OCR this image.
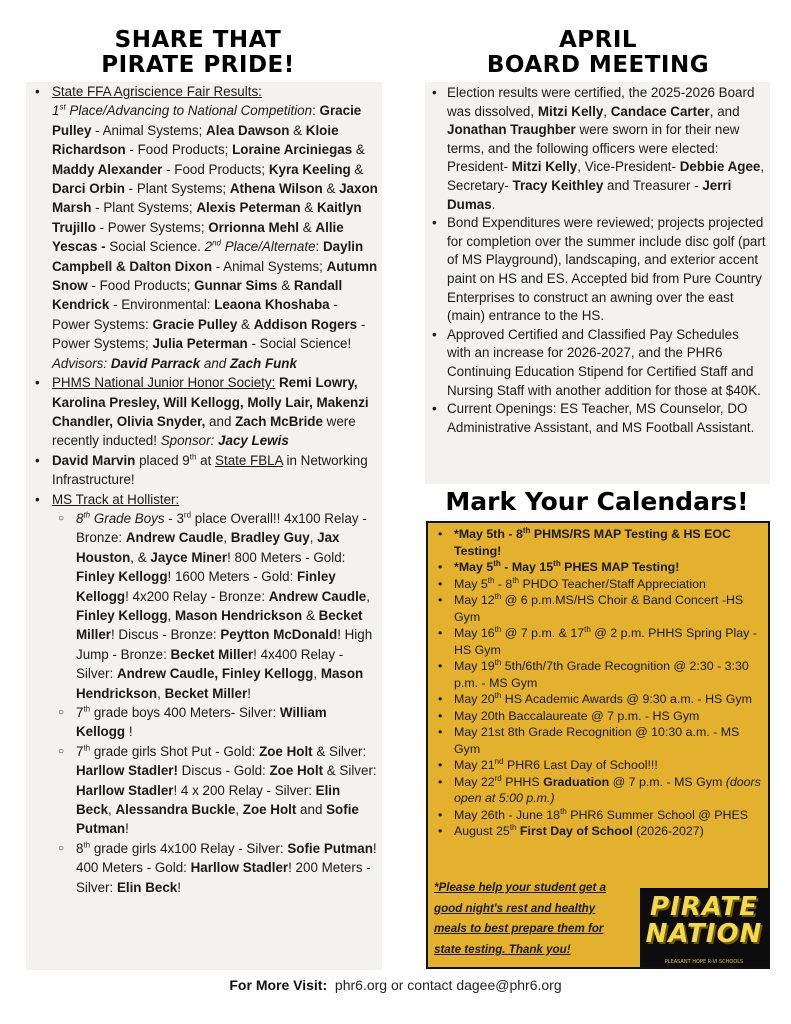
SHARE THAT
PIRATE PRIDE!
APRIL
BOARD MEETING
• State FFA Agriscience Fair Results:
1st Place/Advancing to National Competition: Gracie Pulley - Animal Systems; Alea Dawson & Kloie Richardson - Food Products; Loraine Arciniegas & Maddy Alexander - Food Products; Kyra Keeling & Darci Orbin - Plant Systems; Athena Wilson & Jaxon Marsh - Plant Systems; Alexis Peterman & Kaitlyn Trujillo - Power Systems; Orrionna Mehl & Allie Yescas - Social Science. 2nd Place/Alternate: Daylin Campbell & Dalton Dixon - Animal Systems; Autumn Snow - Food Products; Gunnar Sims & Randall Kendrick - Environmental: Leaona Khoshaba - Power Systems: Gracie Pulley & Addison Rogers - Power Systems; Julia Peterman - Social Science! Advisors: David Parrack and Zach Funk
• PHMS National Junior Honor Society: Remi Lowry, Karolina Presley, Will Kellogg, Molly Lair, Makenzi Chandler, Olivia Snyder, and Zach McBride were recently inducted! Sponsor: Jacy Lewis
• David Marvin placed 9th at State FBLA in Networking Infrastructure!
• MS Track at Hollister:
○ 8th Grade Boys - 3rd place Overall!! 4x100 Relay - Bronze: Andrew Caudle, Bradley Guy, Jax Houston, & Jayce Miner! 800 Meters - Gold: Finley Kellogg! 1600 Meters - Gold: Finley Kellogg! 4x200 Relay - Bronze: Andrew Caudle, Finley Kellogg, Mason Hendrickson & Becket Miller! Discus - Bronze: Peytton McDonald! High Jump - Bronze: Becket Miller! 4x400 Relay - Silver: Andrew Caudle, Finley Kellogg, Mason Hendrickson, Becket Miller!
○ 7th grade boys 400 Meters- Silver: William Kellogg !
○ 7th grade girls Shot Put - Gold: Zoe Holt & Silver: Harllow Stadler! Discus - Gold: Zoe Holt & Silver: Harllow Stadler! 4 x 200 Relay - Silver: Elin Beck, Alessandra Buckle, Zoe Holt and Sofie Putman!
○ 8th grade girls 4x100 Relay - Silver: Sofie Putman! 400 Meters - Gold: Harllow Stadler! 200 Meters - Silver: Elin Beck!
• Election results were certified, the 2025-2026 Board was dissolved, Mitzi Kelly, Candace Carter, and Jonathan Traughber were sworn in for their new terms, and the following officers were elected: President- Mitzi Kelly, Vice-President- Debbie Agee, Secretary- Tracy Keithley and Treasurer - Jerri Dumas.
• Bond Expenditures were reviewed; projects projected for completion over the summer include disc golf (part of MS Playground), landscaping, and exterior accent paint on HS and ES. Accepted bid from Pure Country Enterprises to construct an awning over the east (main) entrance to the HS.
• Approved Certified and Classified Pay Schedules with an increase for 2026-2027, and the PHR6 Continuing Education Stipend for Certified Staff and Nursing Staff with another addition for those at $40K.
• Current Openings: ES Teacher, MS Counselor, DO Administrative Assistant, and MS Football Assistant.
Mark Your Calendars!
• *May 5th - 8th PHMS/RS MAP Testing & HS EOC Testing!
• *May 5th - May 15th PHES MAP Testing!
• May 5th - 8th PHDO Teacher/Staff Appreciation
• May 12th @ 6 p.m.MS/HS Choir & Band Concert -HS Gym
• May 16th @ 7 p.m. & 17th @ 2 p.m. PHHS Spring Play - HS Gym
• May 19th 5th/6th/7th Grade Recognition @ 2:30 - 3:30 p.m. - MS Gym
• May 20th HS Academic Awards @ 9:30 a.m. - HS Gym
• May 20th Baccalaureate @ 7 p.m. - HS Gym
• May 21st 8th Grade Recognition @ 10:30 a.m. - MS Gym
• May 21nd PHR6 Last Day of School!!!
• May 22rd PHHS Graduation @ 7 p.m. - MS Gym (doors open at 5:00 p.m.)
• May 26th - June 18th PHR6 Summer School @ PHES
• August 25th First Day of School (2026-2027)
*Please help your student get a
good night's rest and healthy
meals to best prepare them for
state testing. Thank you!
PIRATE
NATION
PLEASANT HOPE R-VI SCHOOLS
For More Visit: phr6.org or contact dagee@phr6.org
